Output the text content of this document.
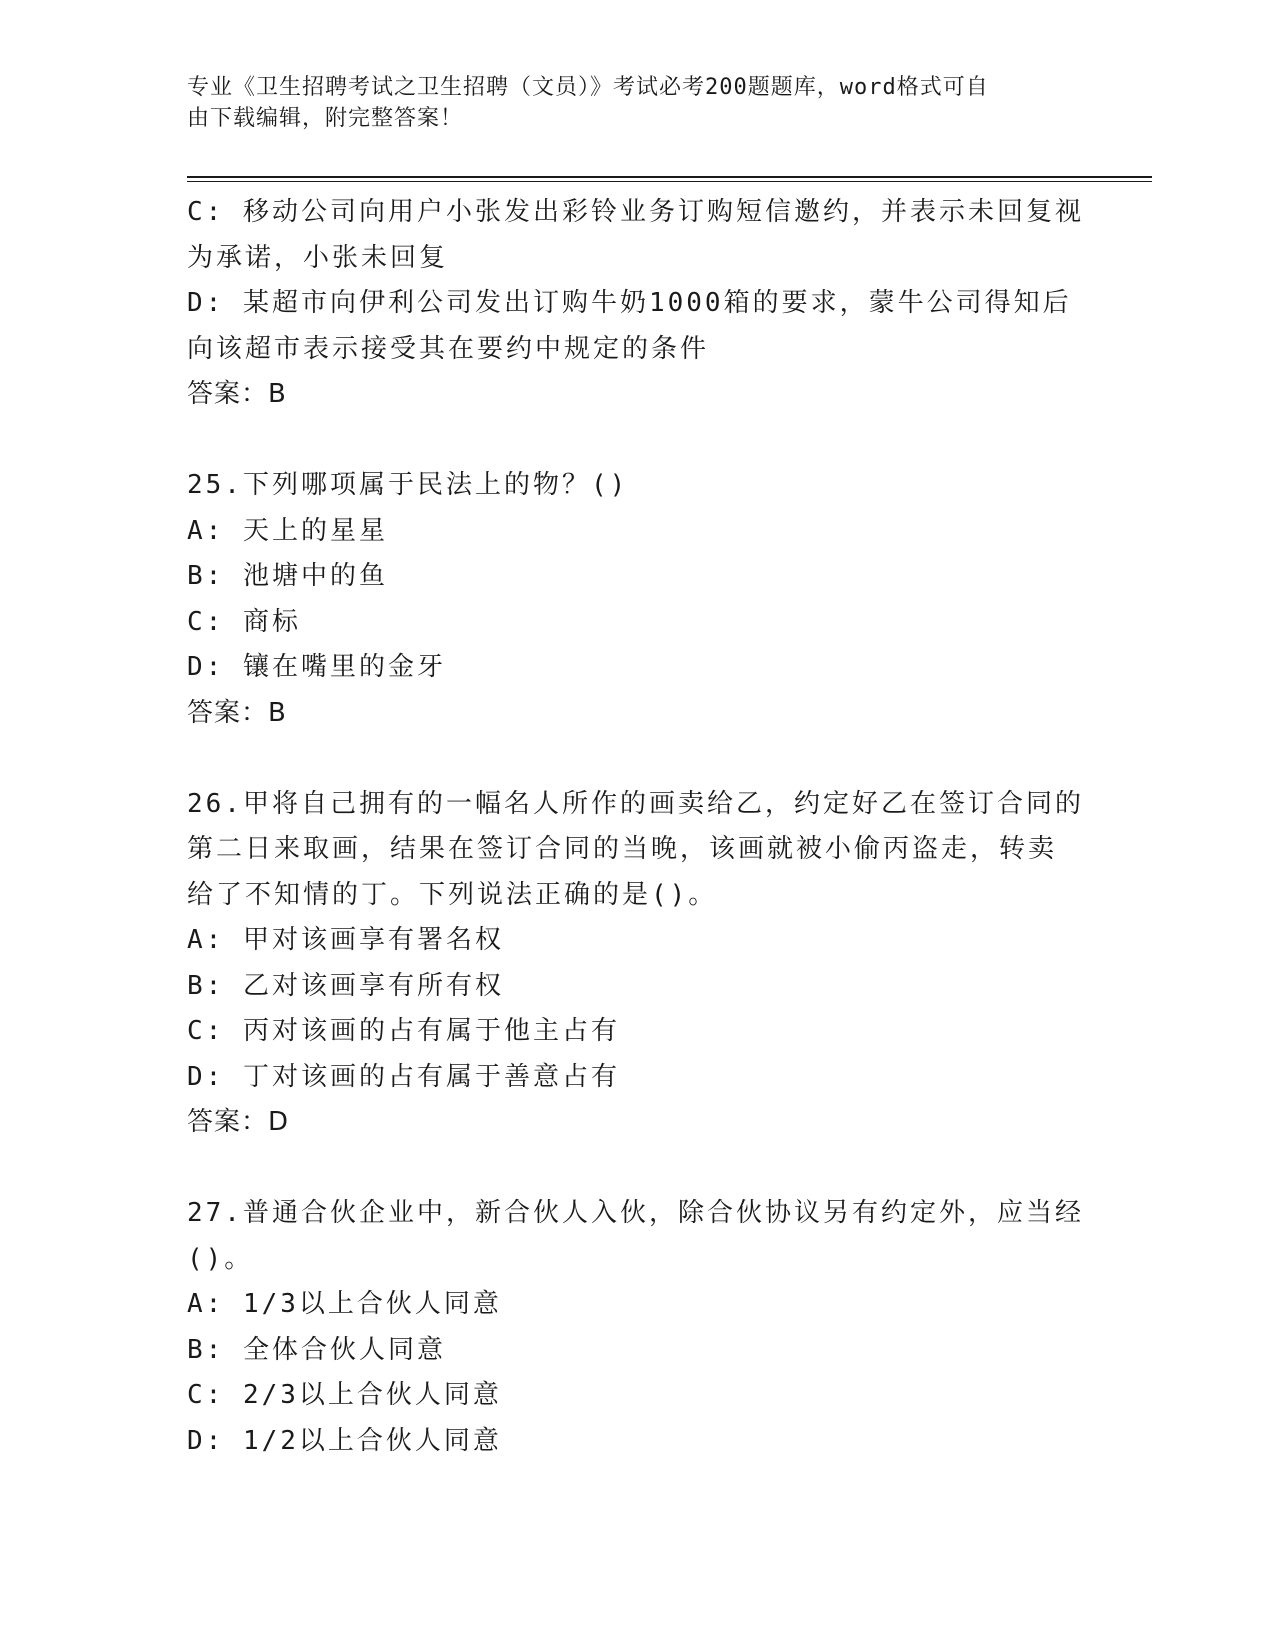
专业《卫生招聘考试之卫生招聘（文员）》考试必考200题题库，word格式可自
由下载编辑，附完整答案！
C: 移动公司向用户小张发出彩铃业务订购短信邀约，并表示未回复视
为承诺，小张未回复
D: 某超市向伊利公司发出订购牛奶1000箱的要求，蒙牛公司得知后
向该超市表示接受其在要约中规定的条件
答案：B
25.下列哪项属于民法上的物？()
A: 天上的星星
B: 池塘中的鱼
C: 商标
D: 镶在嘴里的金牙
答案：B
26.甲将自己拥有的一幅名人所作的画卖给乙，约定好乙在签订合同的
第二日来取画，结果在签订合同的当晚，该画就被小偷丙盗走，转卖
给了不知情的丁。下列说法正确的是()。
A: 甲对该画享有署名权
B: 乙对该画享有所有权
C: 丙对该画的占有属于他主占有
D: 丁对该画的占有属于善意占有
答案：D
27.普通合伙企业中，新合伙人入伙，除合伙协议另有约定外，应当经
()。
A: 1/3以上合伙人同意
B: 全体合伙人同意
C: 2/3以上合伙人同意
D: 1/2以上合伙人同意
